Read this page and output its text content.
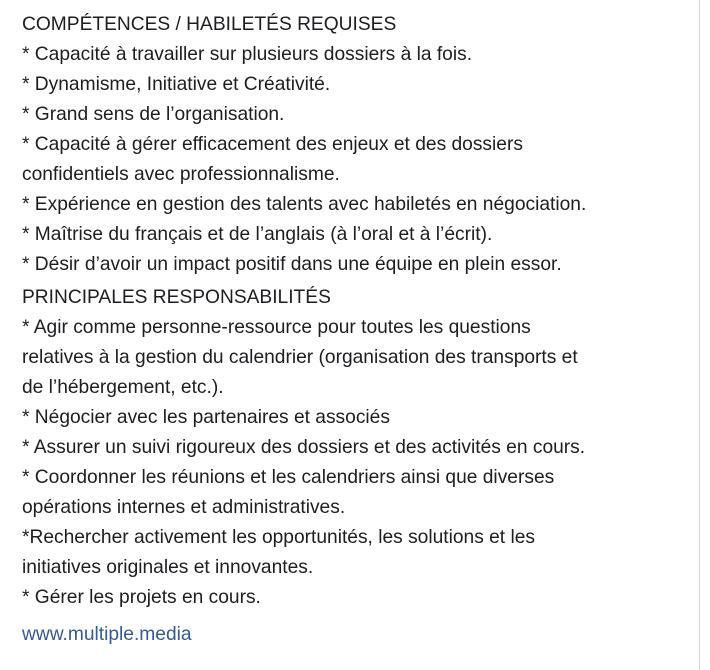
COMPÉTENCES / HABILETÉS REQUISES
* Capacité à travailler sur plusieurs dossiers à la fois.
* Dynamisme, Initiative et Créativité.
* Grand sens de l’organisation.
* Capacité à gérer efficacement des enjeux et des dossiers
confidentiels avec professionnalisme.
* Expérience en gestion des talents avec habiletés en négociation.
* Maîtrise du français et de l’anglais (à l’oral et à l’écrit).
* Désir d’avoir un impact positif dans une équipe en plein essor.
PRINCIPALES RESPONSABILITÉS
* Agir comme personne-ressource pour toutes les questions
relatives à la gestion du calendrier (organisation des transports et
de l’hébergement, etc.).
* Négocier avec les partenaires et associés
* Assurer un suivi rigoureux des dossiers et des activités en cours.
* Coordonner les réunions et les calendriers ainsi que diverses
opérations internes et administratives.
*Rechercher activement les opportunités, les solutions et les
initiatives originales et innovantes.
* Gérer les projets en cours.
www.multiple.media
